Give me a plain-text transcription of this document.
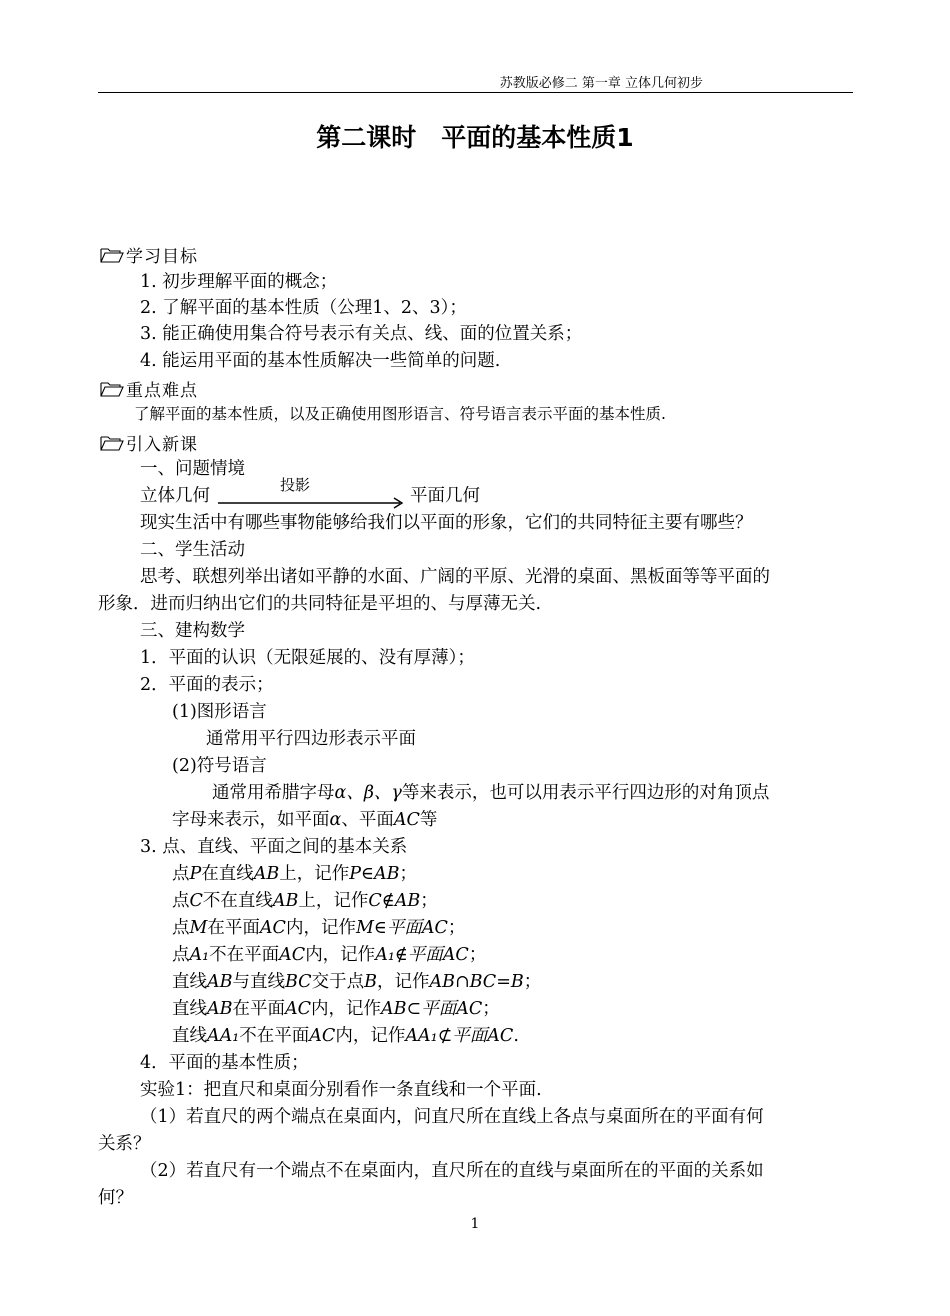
苏教版必修二 第一章 立体几何初步
第二课时　平面的基本性质1
学习目标
1. 初步理解平面的概念；
2. 了解平面的基本性质（公理1、2、3）；
3. 能正确使用集合符号表示有关点、线、面的位置关系；
4. 能运用平面的基本性质解决一些简单的问题.
重点难点
了解平面的基本性质，以及正确使用图形语言、符号语言表示平面的基本性质.
引入新课
一、问题情境
立体几何
投影
平面几何
现实生活中有哪些事物能够给我们以平面的形象，它们的共同特征主要有哪些？
二、学生活动
思考、联想列举出诸如平静的水面、广阔的平原、光滑的桌面、黑板面等等平面的
形象．进而归纳出它们的共同特征是平坦的、与厚薄无关.
三、建构数学
1．平面的认识（无限延展的、没有厚薄）；
2．平面的表示；
(1)图形语言
通常用平行四边形表示平面
(2)符号语言
通常用希腊字母α、β、γ等来表示，也可以用表示平行四边形的对角顶点
字母来表示，如平面α、平面AC等
3. 点、直线、平面之间的基本关系
点P在直线AB上，记作P∈AB；
点C不在直线AB上，记作C∉AB；
点M在平面AC内，记作M∈平面AC；
点A₁不在平面AC内，记作A₁∉平面AC；
直线AB与直线BC交于点B，记作AB∩BC=B；
直线AB在平面AC内，记作AB⊂平面AC；
直线AA₁不在平面AC内，记作AA₁⊄平面AC.
4．平面的基本性质；
实验1：把直尺和桌面分别看作一条直线和一个平面.
（1）若直尺的两个端点在桌面内，问直尺所在直线上各点与桌面所在的平面有何
关系？
（2）若直尺有一个端点不在桌面内，直尺所在的直线与桌面所在的平面的关系如
何？
1
